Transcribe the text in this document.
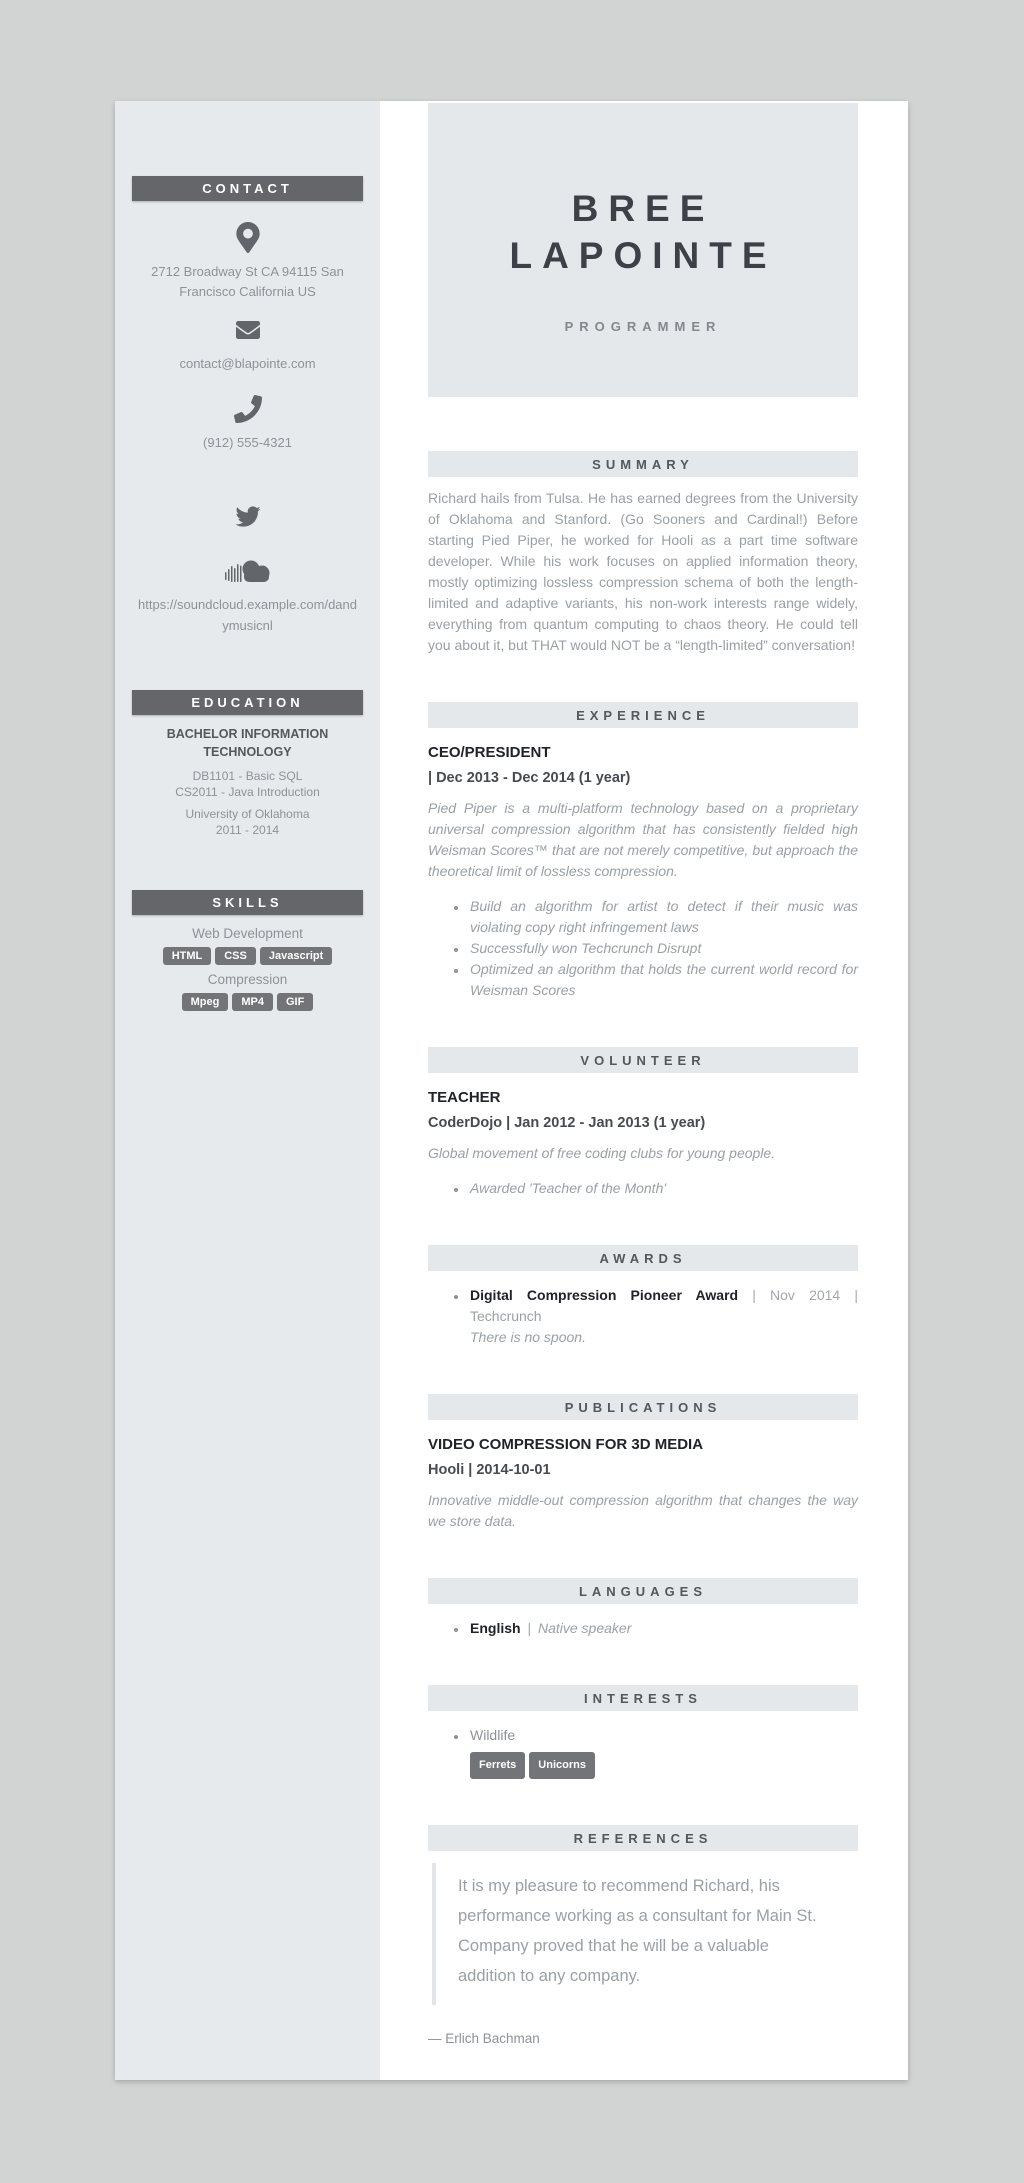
CONTACT
2712 Broadway St CA 94115 San Francisco California US
contact@blapointe.com
(912) 555-4321
https://soundcloud.example.com/dandymusicnl
EDUCATION
BACHELOR INFORMATION TECHNOLOGY
DB1101 - Basic SQL
CS2011 - Java Introduction
University of Oklahoma
2011 - 2014
SKILLS
Web Development
HTML CSS Javascript
Compression
Mpeg MP4 GIF
BREE LAPOINTE
PROGRAMMER
SUMMARY

Richard hails from Tulsa. He has earned degrees from the University of Oklahoma and Stanford. (Go Sooners and Cardinal!) Before starting Pied Piper, he worked for Hooli as a part time software developer. While his work focuses on applied information theory, mostly optimizing lossless compression schema of both the length-limited and adaptive variants, his non-work interests range widely, everything from quantum computing to chaos theory. He could tell you about it, but THAT would NOT be a “length-limited” conversation!

EXPERIENCE
CEO/PRESIDENT
| Dec 2013 - Dec 2014 (1 year)

Pied Piper is a multi-platform technology based on a proprietary universal compression algorithm that has consistently fielded high Weisman Scores™ that are not merely competitive, but approach the theoretical limit of lossless compression.

• Build an algorithm for artist to detect if their music was violating copy right infringement laws
• Successfully won Techcrunch Disrupt
• Optimized an algorithm that holds the current world record for Weisman Scores
VOLUNTEER
TEACHER
CoderDojo | Jan 2012 - Jan 2013 (1 year)

Global movement of free coding clubs for young people.

• Awarded 'Teacher of the Month'
AWARDS
• Digital Compression Pioneer Award | Nov 2014 | Techcrunch
There is no spoon.
PUBLICATIONS
VIDEO COMPRESSION FOR 3D MEDIA
Hooli | 2014-10-01

Innovative middle-out compression algorithm that changes the way we store data.

LANGUAGES
• English | Native speaker
INTERESTS
• Wildlife
Ferrets Unicorns
REFERENCES
It is my pleasure to recommend Richard, his performance working as a consultant for Main St. Company proved that he will be a valuable addition to any company.
— Erlich Bachman
